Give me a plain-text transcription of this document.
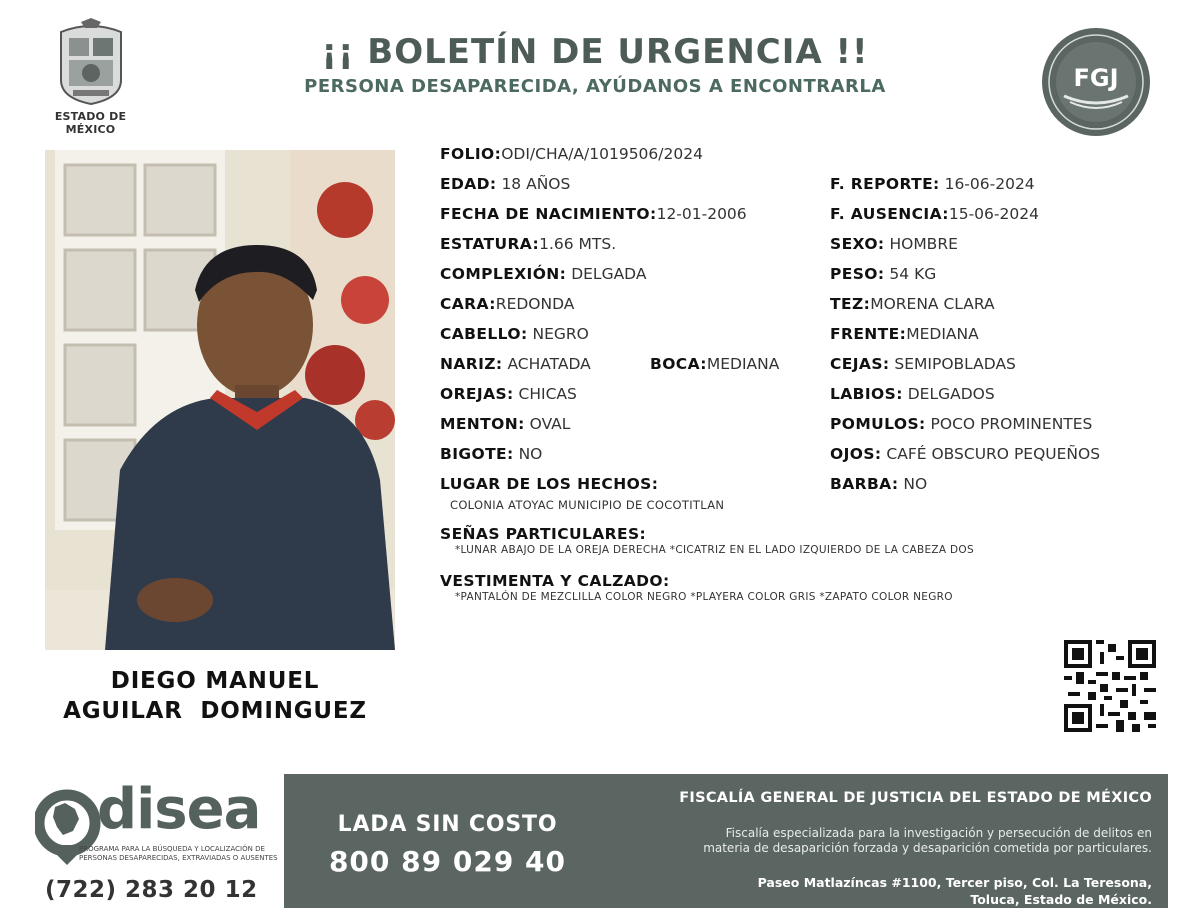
ESTADO DE MÉXICO
¡¡ BOLETÍN DE URGENCIA !!
PERSONA DESAPARECIDA, AYÚDANOS A ENCONTRARLA	FGJ
DIEGO MANUEL
AGUILAR  DOMINGUEZ
FOLIO:ODI/CHA/A/1019506/2024
EDAD: 18 AÑOS
FECHA DE NACIMIENTO:12-01-2006
ESTATURA:1.66 MTS.
COMPLEXIÓN: DELGADA
CARA:REDONDA
CABELLO: NEGRO
NARIZ: ACHATADA	BOCA:MEDIANA
OREJAS: CHICAS
MENTON: OVAL
BIGOTE: NO
LUGAR DE LOS HECHOS:
COLONIA ATOYAC MUNICIPIO DE COCOTITLAN
F. REPORTE: 16-06-2024
F. AUSENCIA:15-06-2024
SEXO: HOMBRE
PESO: 54 KG
TEZ:MORENA CLARA
FRENTE:MEDIANA
CEJAS: SEMIPOBLADAS
LABIOS: DELGADOS
POMULOS: POCO PROMINENTES
OJOS: CAFÉ OBSCURO PEQUEÑOS
BARBA: NO
SEÑAS PARTICULARES:
*LUNAR ABAJO DE LA OREJA DERECHA *CICATRIZ EN EL LADO IZQUIERDO DE LA CABEZA DOS
VESTIMENTA Y CALZADO:
*PANTALÓN DE MEZCLILLA COLOR NEGRO *PLAYERA COLOR GRIS *ZAPATO COLOR NEGRO
disea
PROGRAMA PARA LA BÚSQUEDA Y LOCALIZACIÓN DE PERSONAS DESAPARECIDAS, EXTRAVIADAS O AUSENTES
(722) 283 20 12
LADA SIN COSTO
800 89 029 40
FISCALÍA GENERAL DE JUSTICIA DEL ESTADO DE MÉXICO
Fiscalía especializada para la investigación y persecución de delitos en
materia de desaparición forzada y desaparición cometida por particulares.
Paseo Matlazíncas #1100, Tercer piso, Col. La Teresona,
Toluca, Estado de México.
